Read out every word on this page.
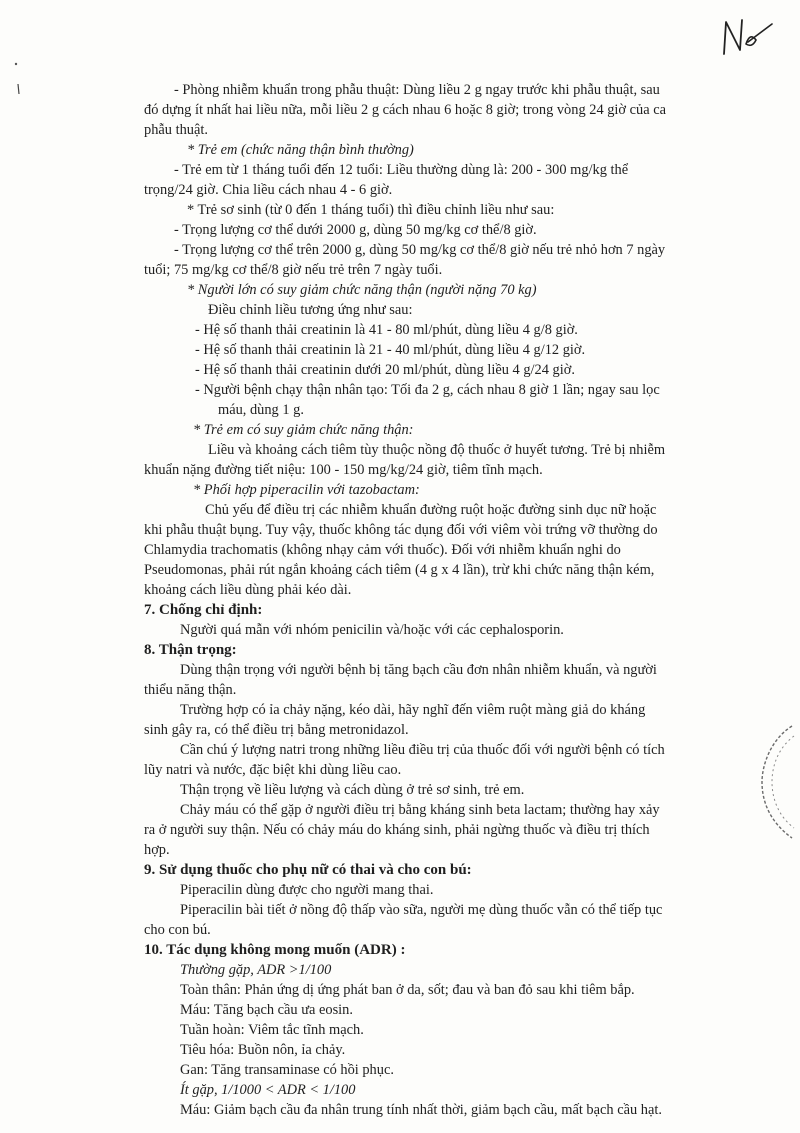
- Phòng nhiễm khuẩn trong phẫu thuật: Dùng liều 2 g ngay trước khi phẫu thuật, sau

đó dựng ít nhất hai liều nữa, mỗi liều 2 g cách nhau 6 hoặc 8 giờ; trong vòng 24 giờ của ca

phẫu thuật.

* Trẻ em (chức năng thận bình thường)

- Trẻ em từ 1 tháng tuổi đến 12 tuổi: Liều thường dùng là: 200 - 300 mg/kg thể

trọng/24 giờ. Chia liều cách nhau 4 - 6 giờ.

* Trẻ sơ sinh (từ 0 đến 1 tháng tuổi) thì điều chỉnh liều như sau:

- Trọng lượng cơ thể dưới 2000 g, dùng 50 mg/kg cơ thể/8 giờ.

- Trọng lượng cơ thể trên 2000 g, dùng 50 mg/kg cơ thể/8 giờ nếu trẻ nhỏ hơn 7 ngày

tuổi; 75 mg/kg cơ thể/8 giờ nếu trẻ trên 7 ngày tuổi.

* Người lớn có suy giảm chức năng thận (người nặng 70 kg)

Điều chỉnh liều tương ứng như sau:

- Hệ số thanh thải creatinin là 41 - 80 ml/phút, dùng liều 4 g/8 giờ.

- Hệ số thanh thải creatinin là 21 - 40 ml/phút, dùng liều 4 g/12 giờ.

- Hệ số thanh thải creatinin dưới 20 ml/phút, dùng liều 4 g/24 giờ.

- Người bệnh chạy thận nhân tạo: Tối đa 2 g, cách nhau 8 giờ 1 lần; ngay sau lọc

máu, dùng 1 g.

* Trẻ em có suy giảm chức năng thận:

Liều và khoảng cách tiêm tùy thuộc nồng độ thuốc ở huyết tương. Trẻ bị nhiễm

khuẩn nặng đường tiết niệu: 100 - 150 mg/kg/24 giờ, tiêm tĩnh mạch.

* Phối hợp piperacilin với tazobactam:

Chủ yếu để điều trị các nhiễm khuẩn đường ruột hoặc đường sinh dục nữ hoặc

khi phẫu thuật bụng. Tuy vậy, thuốc không tác dụng đối với viêm vòi trứng vỡ thường do

Chlamydia trachomatis (không nhạy cảm với thuốc). Đối với nhiễm khuẩn nghi do

Pseudomonas, phải rút ngắn khoảng cách tiêm (4 g x 4 lần), trừ khi chức năng thận kém,

khoảng cách liều dùng phải kéo dài.

7. Chống chỉ định:

Người quá mẫn với nhóm penicilin và/hoặc với các cephalosporin.

8. Thận trọng:

Dùng thận trọng với người bệnh bị tăng bạch cầu đơn nhân nhiễm khuẩn, và người

thiểu năng thận.

Trường hợp có ỉa chảy nặng, kéo dài, hãy nghĩ đến viêm ruột màng giả do kháng

sinh gây ra, có thể điều trị bằng metronidazol.

Cần chú ý lượng natri trong những liều điều trị của thuốc đối với người bệnh có tích

lũy natri và nước, đặc biệt khi dùng liều cao.

Thận trọng về liều lượng và cách dùng ở trẻ sơ sinh, trẻ em.

Chảy máu có thể gặp ở người điều trị bằng kháng sinh beta lactam; thường hay xảy

ra ở người suy thận. Nếu có chảy máu do kháng sinh, phải ngừng thuốc và điều trị thích

hợp.

9. Sử dụng thuốc cho phụ nữ có thai và cho con bú:

Piperacilin dùng được cho người mang thai.

Piperacilin bài tiết ở nồng độ thấp vào sữa, người mẹ dùng thuốc vẫn có thể tiếp tục

cho con bú.

10. Tác dụng không mong muốn (ADR) :

Thường gặp, ADR >1/100

Toàn thân: Phản ứng dị ứng phát ban ở da, sốt; đau và ban đỏ sau khi tiêm bắp.

Máu: Tăng bạch cầu ưa eosin.

Tuần hoàn: Viêm tắc tĩnh mạch.

Tiêu hóa: Buồn nôn, ỉa chảy.

Gan: Tăng transaminase có hồi phục.

Ít gặp, 1/1000 < ADR < 1/100

Máu: Giảm bạch cầu đa nhân trung tính nhất thời, giảm bạch cầu, mất bạch cầu hạt.
